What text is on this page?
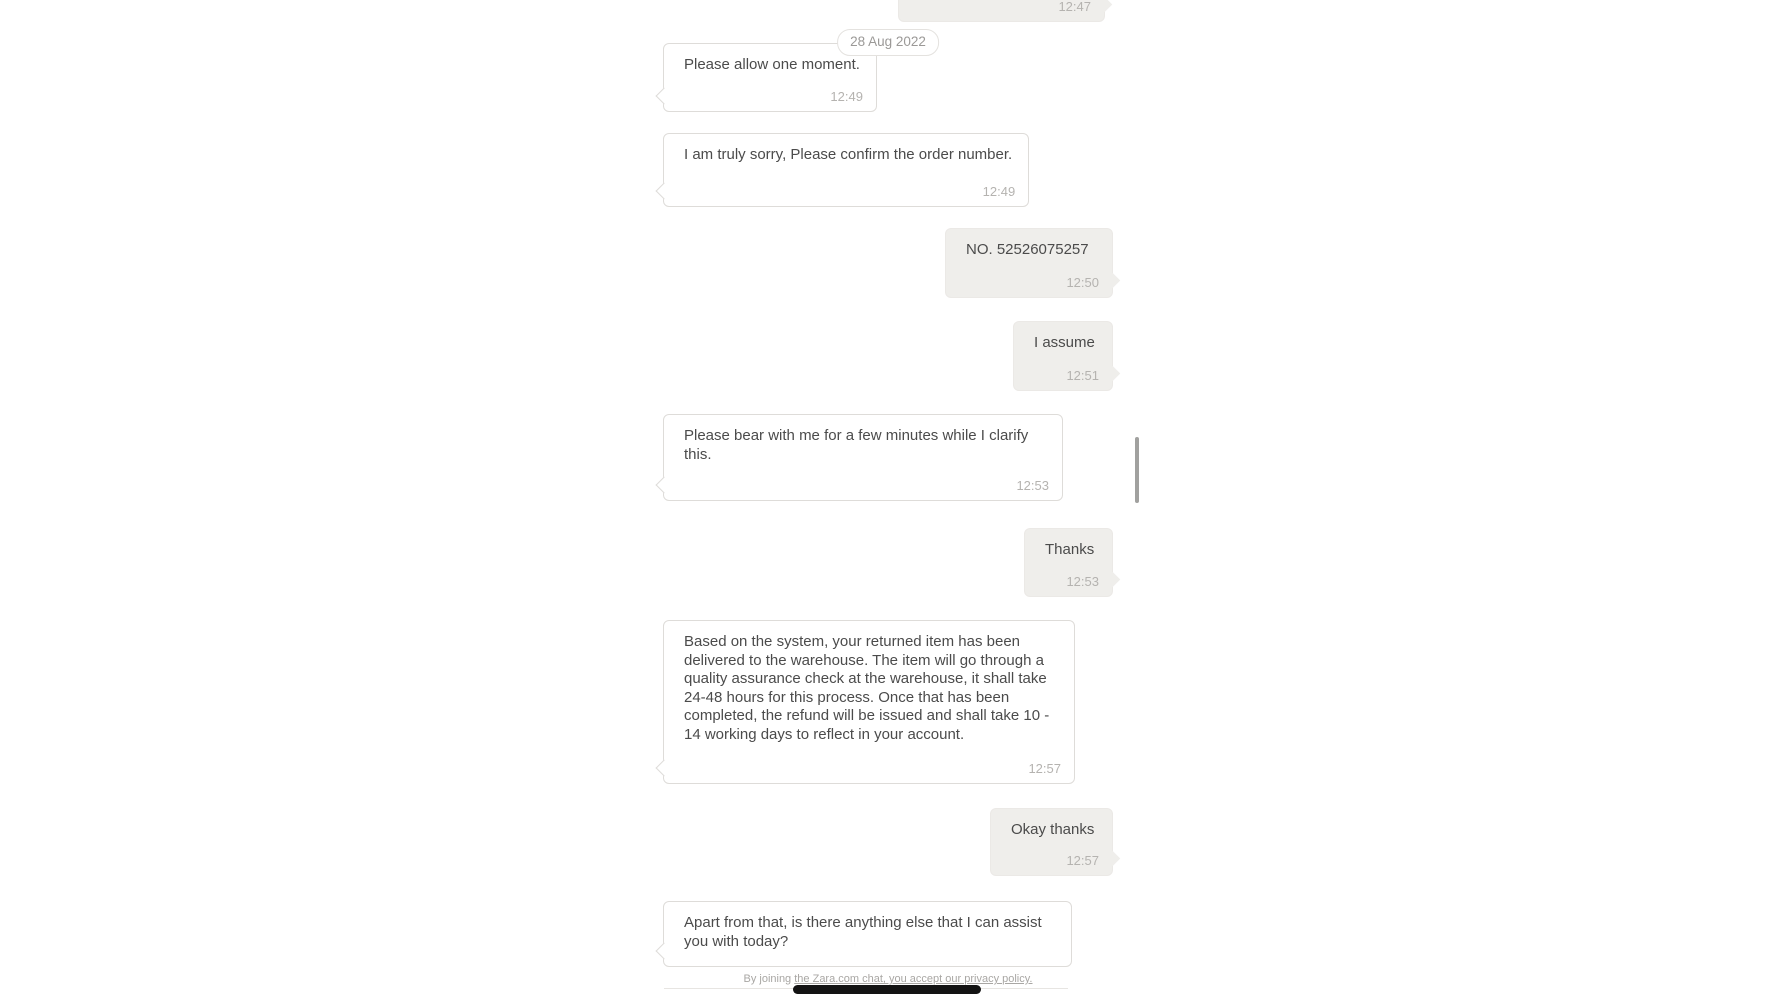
28 Aug 2022
12:47
Please allow one moment.
12:49
I am truly sorry, Please confirm the order number.
12:49
NO. 52526075257
12:50
I assume
12:51
Please bear with me for a few minutes while I clarify this.
12:53
Thanks
12:53
Based on the system, your returned item has been delivered to the warehouse. The item will go through a quality assurance check at the warehouse, it shall take 24-48 hours for this process. Once that has been completed, the refund will be issued and shall take 10 - 14 working days to reflect in your account.
12:57
Okay thanks
12:57
Apart from that, is there anything else that I can assist you with today?
By joining the Zara.com chat, you accept our privacy policy.
